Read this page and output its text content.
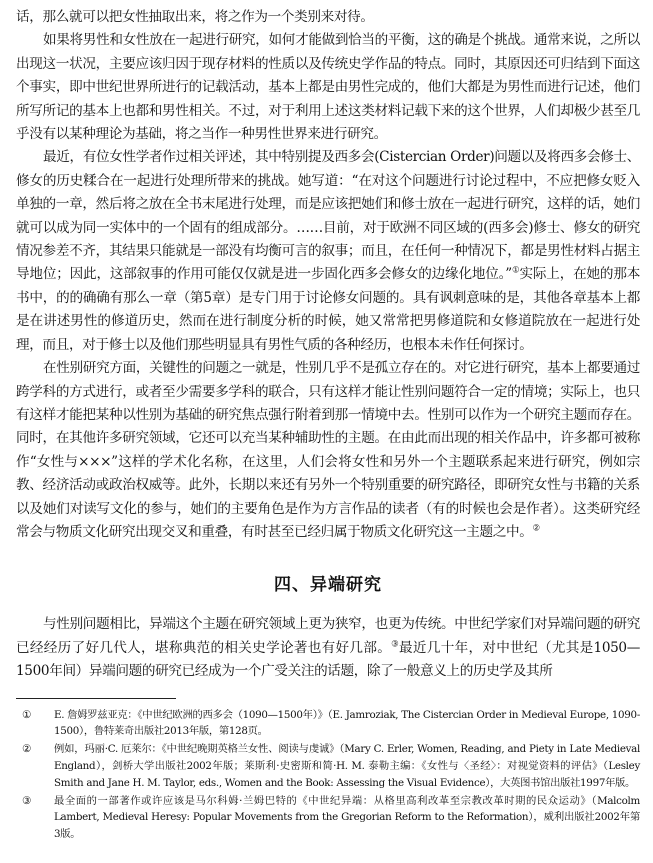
话，那么就可以把女性抽取出来，将之作为一个类别来对待。

如果将男性和女性放在一起进行研究，如何才能做到恰当的平衡，这的确是个挑战。通常来说，之所以出现这一状况，主要应该归因于现存材料的性质以及传统史学作品的特点。同时，其原因还可归结到下面这个事实，即中世纪世界所进行的记载活动，基本上都是由男性完成的，他们大都是为男性而进行记述，他们所写所记的基本上也都和男性相关。不过，对于利用上述这类材料记载下来的这个世界，人们却极少甚至几乎没有以某种理论为基础，将之当作一种男性世界来进行研究。

最近，有位女性学者作过相关评述，其中特别提及西多会(Cistercian Order)问题以及将西多会修士、修女的历史糅合在一起进行处理所带来的挑战。她写道：“在对这个问题进行讨论过程中，不应把修女贬入单独的一章，然后将之放在全书末尾进行处理，而是应该把她们和修士放在一起进行研究，这样的话，她们就可以成为同一实体中的一个固有的组成部分。……目前，对于欧洲不同区域的(西多会)修士、修女的研究情况参差不齐，其结果只能就是一部没有均衡可言的叙事；而且，在任何一种情况下，都是男性材料占据主导地位；因此，这部叙事的作用可能仅仅就是进一步固化西多会修女的边缘化地位。”①实际上，在她的那本书中，的的确确有那么一章（第5章）是专门用于讨论修女问题的。具有讽刺意味的是，其他各章基本上都是在讲述男性的修道历史，然而在进行制度分析的时候，她又常常把男修道院和女修道院放在一起进行处理，而且，对于修士以及他们那些明显具有男性气质的各种经历，也根本未作任何探讨。

在性别研究方面，关键性的问题之一就是，性别几乎不是孤立存在的。对它进行研究，基本上都要通过跨学科的方式进行，或者至少需要多学科的联合，只有这样才能让性别问题符合一定的情境；实际上，也只有这样才能把某种以性别为基础的研究焦点强行附着到那一情境中去。性别可以作为一个研究主题而存在。同时，在其他许多研究领域，它还可以充当某种辅助性的主题。在由此而出现的相关作品中，许多都可被称作“女性与×××”这样的学术化名称，在这里，人们会将女性和另外一个主题联系起来进行研究，例如宗教、经济活动或政治权威等。此外，长期以来还有另外一个特别重要的研究路径，即研究女性与书籍的关系以及她们对读写文化的参与，她们的主要角色是作为方言作品的读者（有的时候也会是作者）。这类研究经常会与物质文化研究出现交叉和重叠，有时甚至已经归属于物质文化研究这一主题之中。②

四、异端研究

与性别问题相比，异端这个主题在研究领域上更为狭窄，也更为传统。中世纪学家们对异端问题的研究已经经历了好几代人，堪称典范的相关史学论著也有好几部。③最近几十年，对中世纪（尤其是1050—1500年间）异端问题的研究已经成为一个广受关注的话题，除了一般意义上的历史学及其所

① E. 詹姆罗兹亚克：《中世纪欧洲的西多会（1090—1500年）》（E. Jamroziak, The Cistercian Order in Medieval Europe, 1090-1500），鲁特莱奇出版社2013年版，第128页。
② 例如，玛丽·C. 厄莱尔：《中世纪晚期英格兰女性、阅读与虔诚》（Mary C. Erler, Women, Reading, and Piety in Late Medieval England），剑桥大学出版社2002年版；莱斯利·史密斯和简·H. M. 泰勒主编：《女性与〈圣经〉：对视觉资料的评估》（Lesley Smith and Jane H. M. Taylor, eds., Women and the Book: Assessing the Visual Evidence），大英图书馆出版社1997年版。
③ 最全面的一部著作或许应该是马尔科姆·兰姆巴特的《中世纪异端：从格里高利改革至宗教改革时期的民众运动》（Malcolm Lambert, Medieval Heresy: Popular Movements from the Gregorian Reform to the Reformation），威利出版社2002年第3版。
